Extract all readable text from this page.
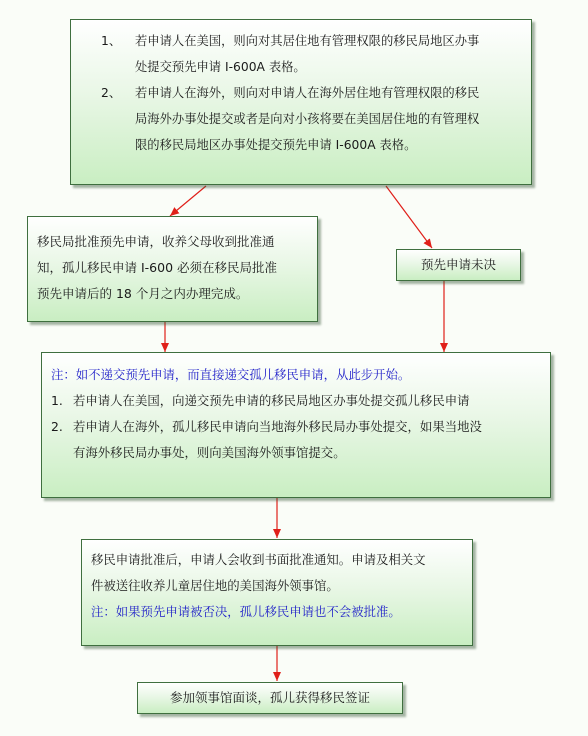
1、 若申请人在美国，则向对其居住地有管理权限的移民局地区办事
处提交预先申请 I-600A 表格。
2、 若申请人在海外，则向对申请人在海外居住地有管理权限的移民
局海外办事处提交或者是向对小孩将要在美国居住地的有管理权
限的移民局地区办事处提交预先申请 I-600A 表格。
移民局批准预先申请，收养父母收到批准通
知，孤儿移民申请 I-600 必须在移民局批准
预先申请后的 18 个月之内办理完成。
预先申请未决
注：如不递交预先申请，而直接递交孤儿移民申请，从此步开始。
1. 若申请人在美国，向递交预先申请的移民局地区办事处提交孤儿移民申请
2. 若申请人在海外，孤儿移民申请向当地海外移民局办事处提交，如果当地没
有海外移民局办事处，则向美国海外领事馆提交。
移民申请批准后，申请人会收到书面批准通知。申请及相关文
件被送往收养儿童居住地的美国海外领事馆。
注：如果预先申请被否决，孤儿移民申请也不会被批准。
参加领事馆面谈，孤儿获得移民签证
